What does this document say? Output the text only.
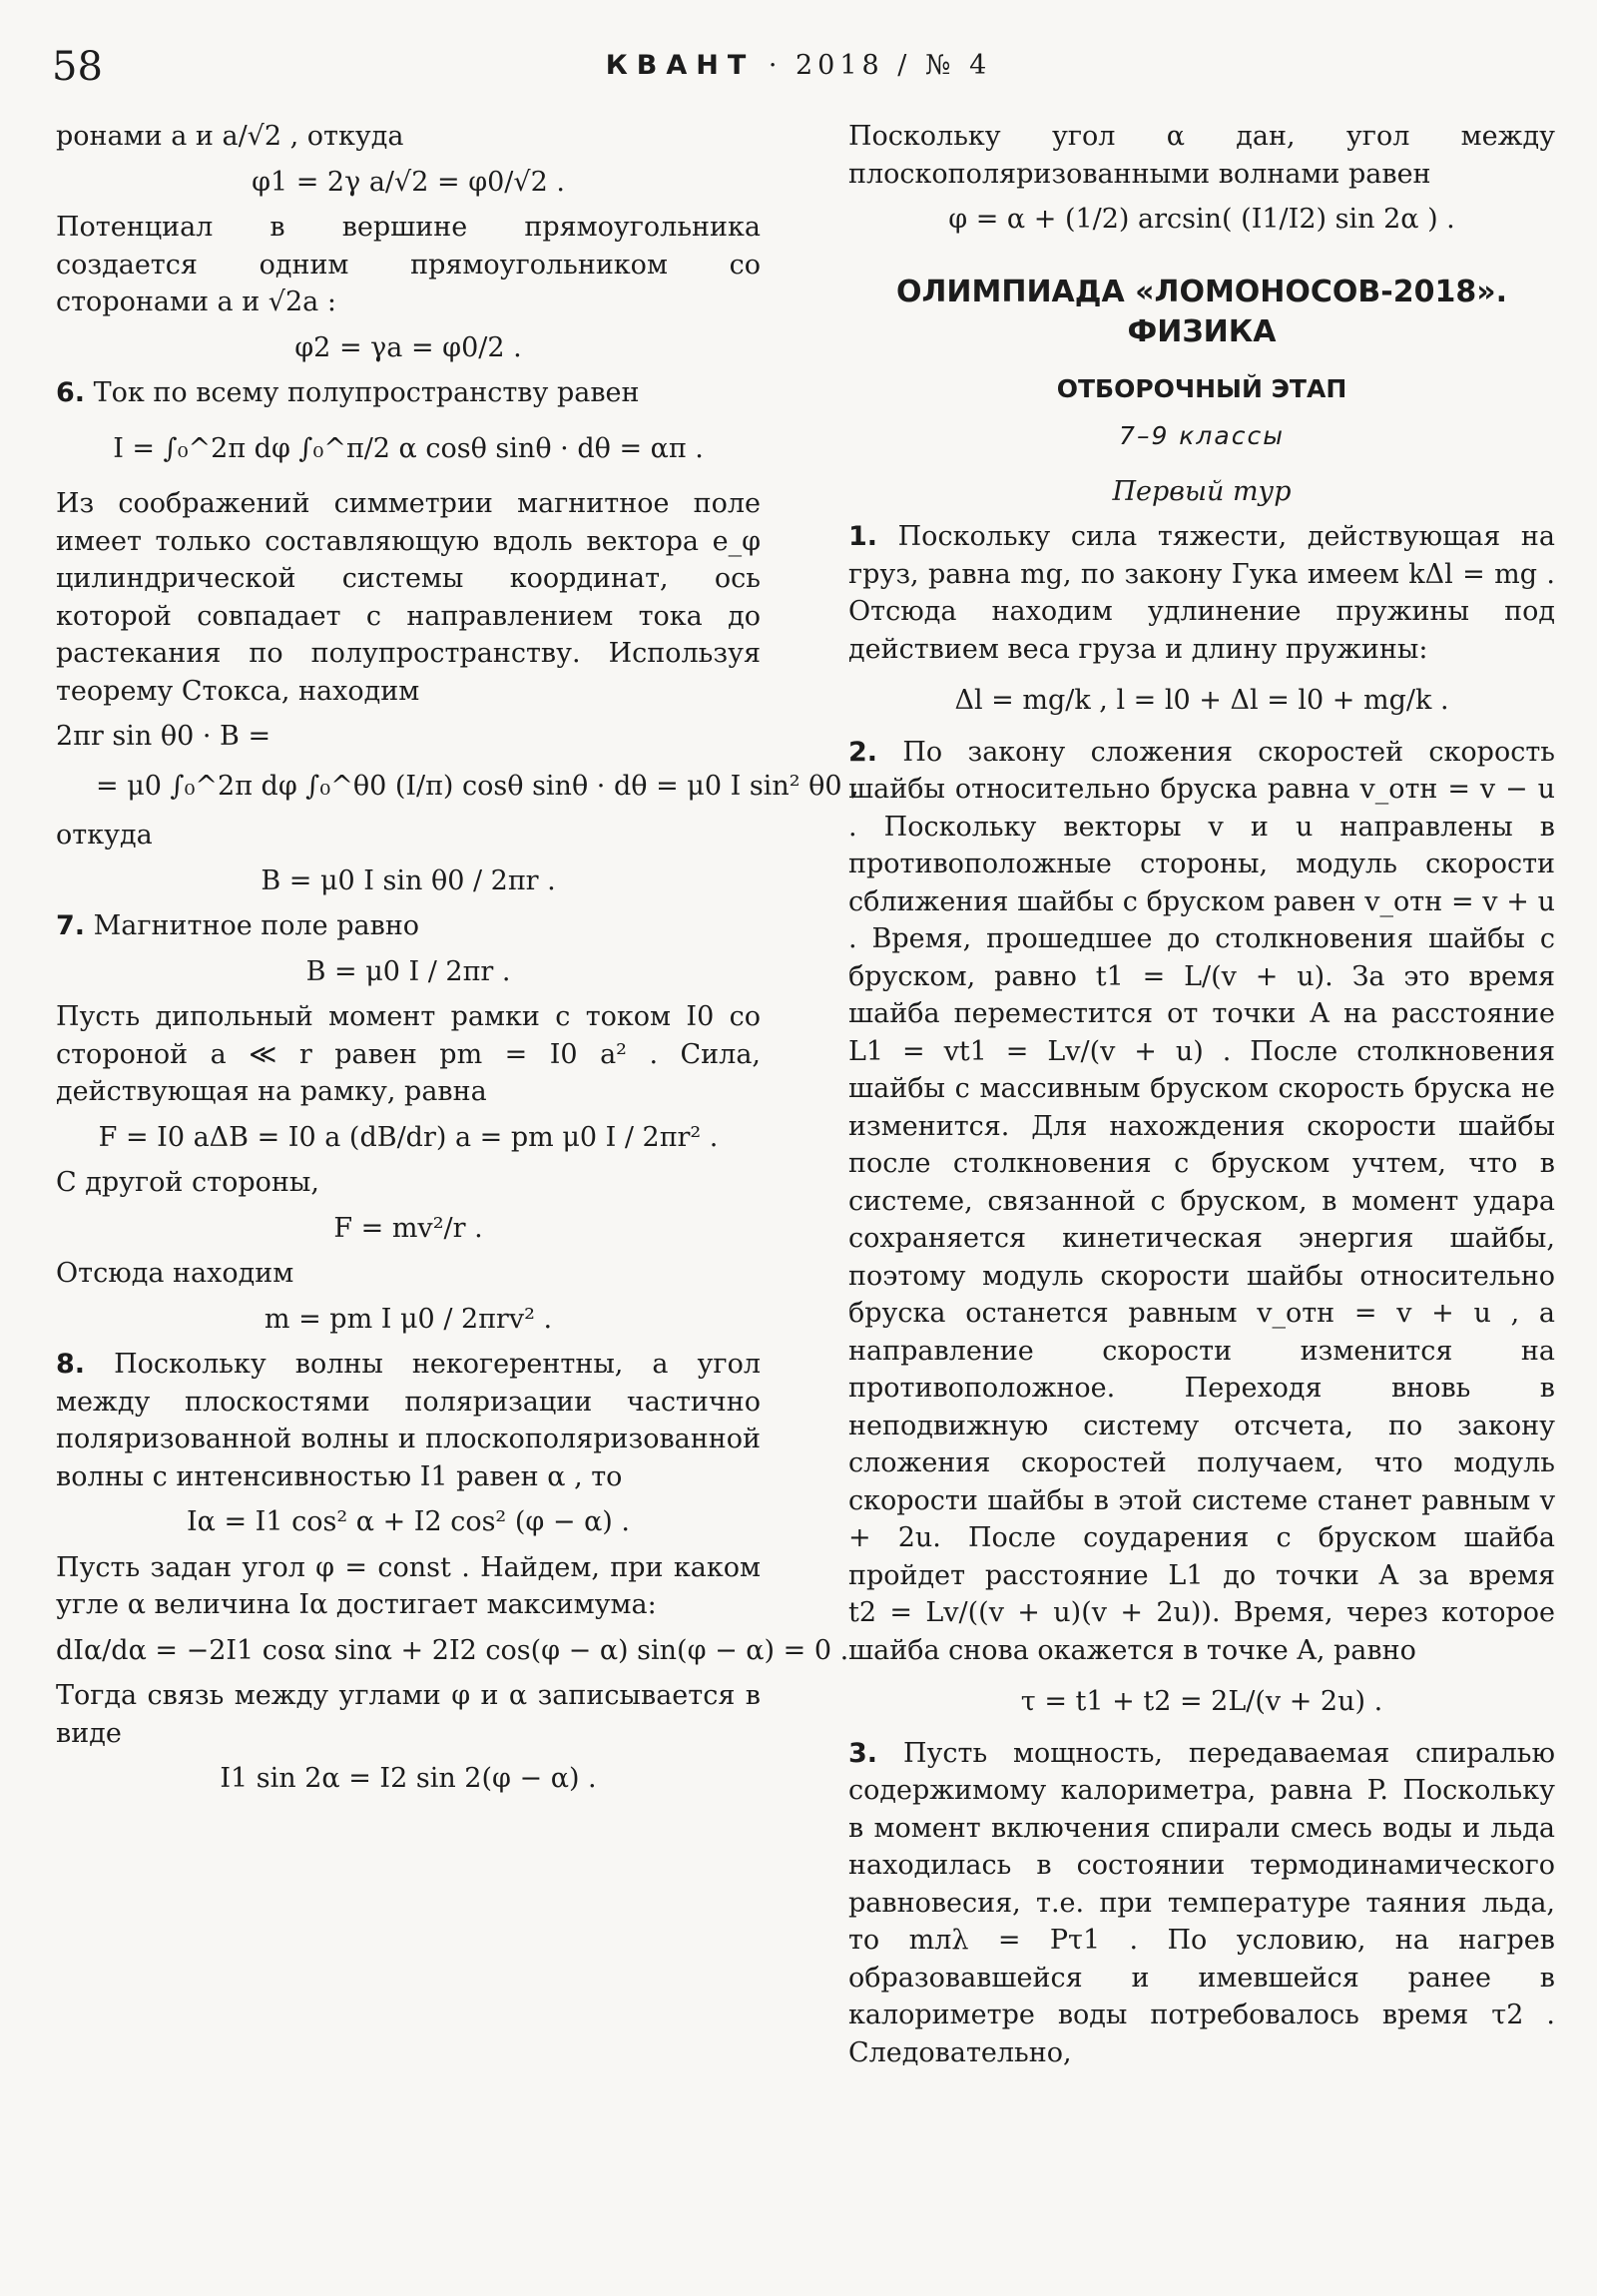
58	КВАНТ · 2018 / № 4

ронами a и a/√2 , откуда

φ1 = 2γ a/√2 = φ0/√2 .

Потенциал в вершине прямоугольника создается одним прямоугольником со сторонами a и √2a :

φ2 = γa = φ0/2 .

6. Ток по всему полупространству равен

I = ∫₀^2π dφ ∫₀^π/2 α cosθ sinθ · dθ = απ .

Из соображений симметрии магнитное поле имеет только составляющую вдоль вектора e_φ цилиндрической системы координат, ось которой совпадает с направлением тока до растекания по полупространству. Используя теорему Стокса, находим

2πr sin θ0 · B =
= μ0 ∫₀^2π dφ ∫₀^θ0 (I/π) cosθ sinθ · dθ = μ0 I sin² θ0 ,

откуда

B = μ0 I sin θ0 / 2πr .

7. Магнитное поле равно

B = μ0 I / 2πr .

Пусть дипольный момент рамки с током I0 со стороной a ≪ r равен pm = I0 a² . Сила, действующая на рамку, равна

F = I0 aΔB = I0 a (dB/dr) a = pm μ0 I / 2πr² .

С другой стороны,

F = mv²/r .

Отсюда находим

m = pm I μ0 / 2πrv² .

8. Поскольку волны некогерентны, а угол между плоскостями поляризации частично поляризованной волны и плоскополяризованной волны с интенсивностью I1 равен α , то

Iα = I1 cos² α + I2 cos² (φ − α) .

Пусть задан угол φ = const . Найдем, при каком угле α величина Iα достигает максимума:

dIα/dα = −2I1 cosα sinα + 2I2 cos(φ − α) sin(φ − α) = 0 .

Тогда связь между углами φ и α записывается в виде

I1 sin 2α = I2 sin 2(φ − α) .

Поскольку угол α дан, угол между плоскополяризованными волнами равен

φ = α + (1/2) arcsin( (I1/I2) sin 2α ) .
ОЛИМПИАДА «ЛОМОНОСОВ-2018».
ФИЗИКА
ОТБОРОЧНЫЙ ЭТАП
7–9 классы
Первый тур

1. Поскольку сила тяжести, действующая на груз, равна mg, по закону Гука имеем kΔl = mg . Отсюда находим удлинение пружины под действием веса груза и длину пружины:

Δl = mg/k , l = l0 + Δl = l0 + mg/k .

2. По закону сложения скоростей скорость шайбы относительно бруска равна v_отн = v − u . Поскольку векторы v и u направлены в противоположные стороны, модуль скорости сближения шайбы с бруском равен v_отн = v + u . Время, прошедшее до столкновения шайбы с бруском, равно t1 = L/(v + u). За это время шайба переместится от точки A на расстояние L1 = vt1 = Lv/(v + u) . После столкновения шайбы с массивным бруском скорость бруска не изменится. Для нахождения скорости шайбы после столкновения с бруском учтем, что в системе, связанной с бруском, в момент удара сохраняется кинетическая энергия шайбы, поэтому модуль скорости шайбы относительно бруска останется равным v_отн = v + u , а направление скорости изменится на противоположное. Переходя вновь в неподвижную систему отсчета, по закону сложения скоростей получаем, что модуль скорости шайбы в этой системе станет равным v + 2u. После соударения с бруском шайба пройдет расстояние L1 до точки A за время t2 = Lv/((v + u)(v + 2u)). Время, через которое шайба снова окажется в точке A, равно

τ = t1 + t2 = 2L/(v + 2u) .

3. Пусть мощность, передаваемая спиралью содержимому калориметра, равна P. Поскольку в момент включения спирали смесь воды и льда находилась в состоянии термодинамического равновесия, т.е. при температуре таяния льда, то mлλ = Pτ1 . По условию, на нагрев образовавшейся и имевшейся ранее в калориметре воды потребовалось время τ2 . Следовательно,
